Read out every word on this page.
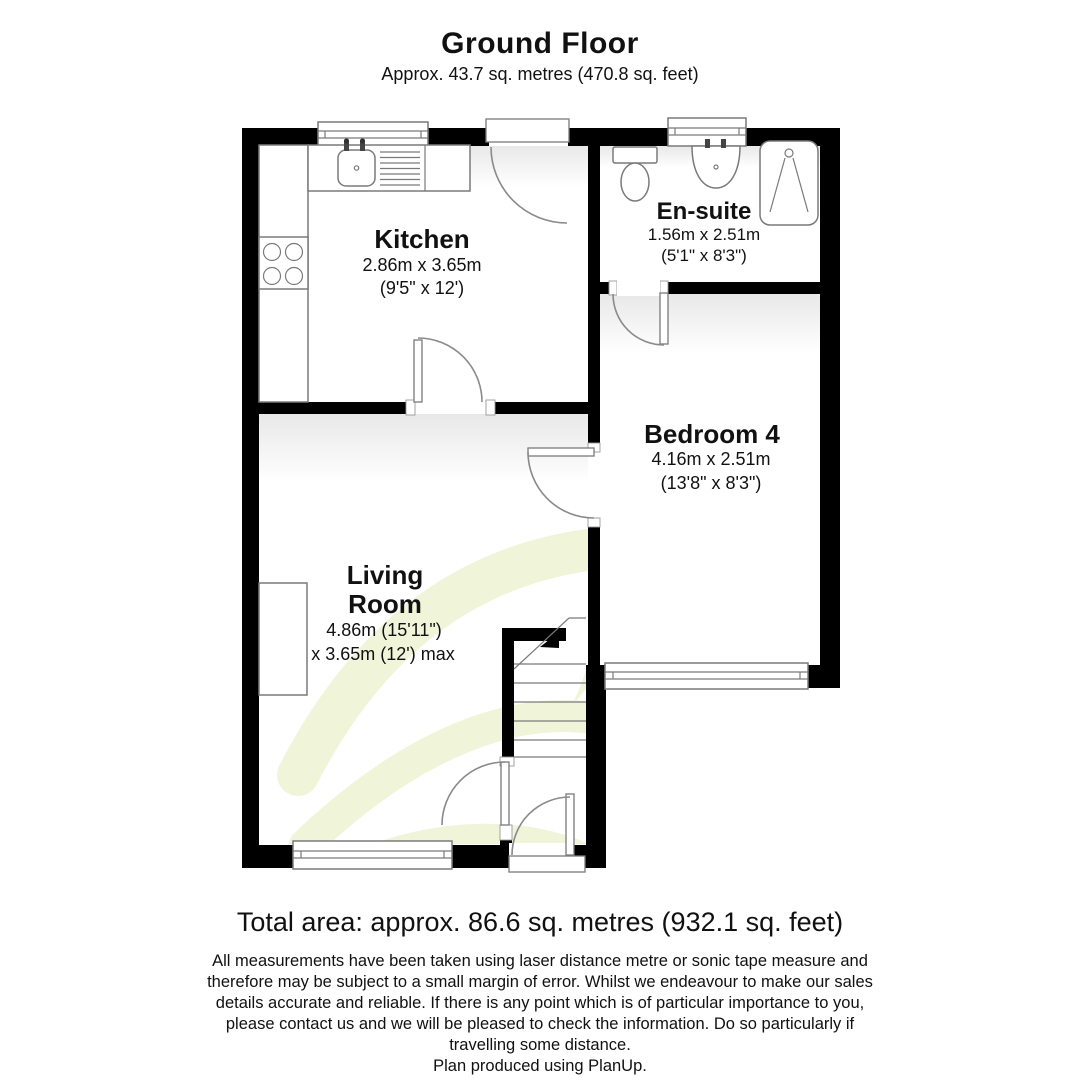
Ground Floor
Approx. 43.7 sq. metres (470.8 sq. feet)
Kitchen
2.86m x 3.65m
(9'5" x 12')
En-suite
1.56m x 2.51m
(5'1" x 8'3")
Bedroom 4
4.16m x 2.51m
(13'8" x 8'3")
Living
Room
4.86m (15'11")
x 3.65m (12') max
Total area: approx. 86.6 sq. metres (932.1 sq. feet)
All measurements have been taken using laser distance metre or sonic tape measure and
therefore may be subject to a small margin of error. Whilst we endeavour to make our sales
details accurate and reliable. If there is any point which is of particular importance to you,
please contact us and we will be pleased to check the information. Do so particularly if
travelling some distance.
Plan produced using PlanUp.
